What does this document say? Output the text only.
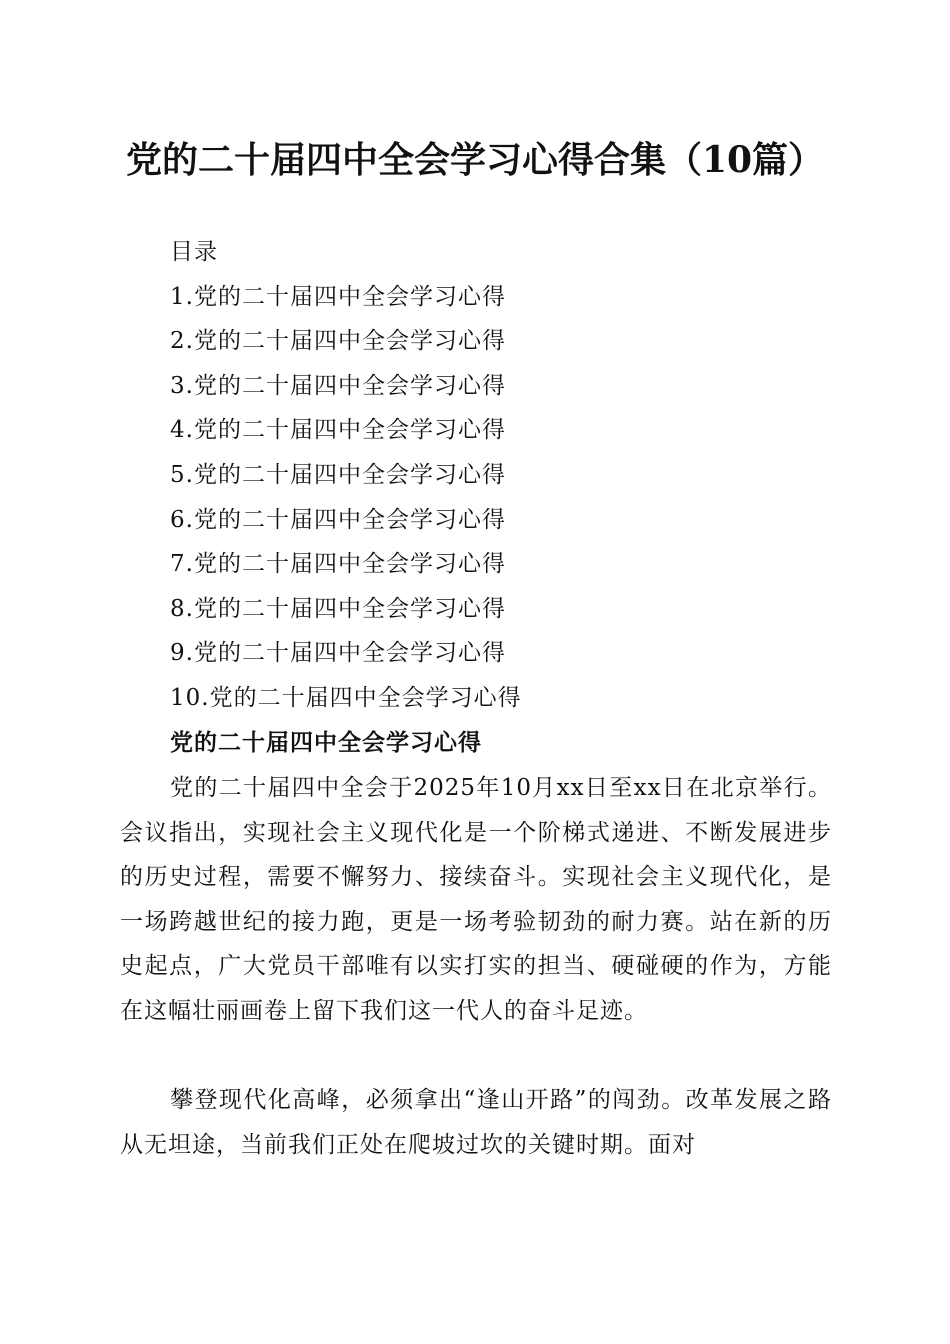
党的二十届四中全会学习心得合集（10篇）
目录
1.党的二十届四中全会学习心得
2.党的二十届四中全会学习心得
3.党的二十届四中全会学习心得
4.党的二十届四中全会学习心得
5.党的二十届四中全会学习心得
6.党的二十届四中全会学习心得
7.党的二十届四中全会学习心得
8.党的二十届四中全会学习心得
9.党的二十届四中全会学习心得
10.党的二十届四中全会学习心得
党的二十届四中全会学习心得

党的二十届四中全会于2025年10月xx日至xx日在北京举行。会议指出，实现社会主义现代化是一个阶梯式递进、不断发展进步的历史过程，需要不懈努力、接续奋斗。实现社会主义现代化，是一场跨越世纪的接力跑，更是一场考验韧劲的耐力赛。站在新的历史起点，广大党员干部唯有以实打实的担当、硬碰硬的作为，方能在这幅壮丽画卷上留下我们这一代人的奋斗足迹。

攀登现代化高峰，必须拿出“逢山开路”的闯劲。改革发展之路从无坦途，当前我们正处在爬坡过坎的关键时期。面对
